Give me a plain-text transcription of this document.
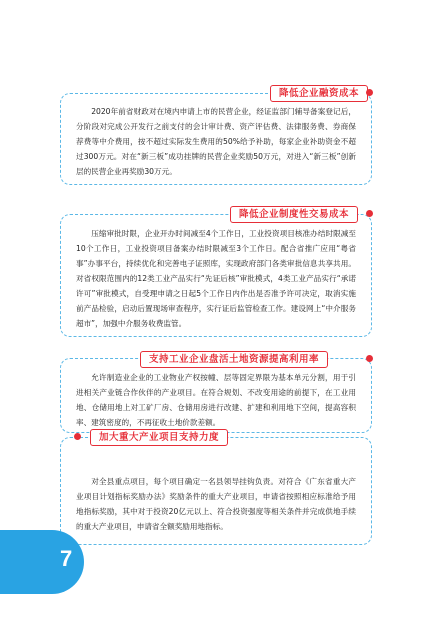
降低企业融资成本

2020年前省财政对在境内申请上市的民营企业，经证监部门辅导备案登记后，分阶段对完成公开发行之前支付的会计审计费、资产评估费、法律服务费、券商保荐费等中介费用，按不超过实际发生费用的50%给予补助，每家企业补助资金不超过300万元。对在“新三板”成功挂牌的民营企业奖励50万元，对进入“新三板”创新层的民营企业再奖励30万元。

降低企业制度性交易成本

压缩审批时限，企业开办时间减至4个工作日，工业投资项目核准办结时限减至10个工作日，工业投资项目备案办结时限减至3个工作日。配合省推广应用“粤省事”办事平台，持续优化和完善电子证照库，实现政府部门各类审批信息共享共用。对省权限范围内的12类工业产品实行“先证后核”审批模式，4类工业产品实行“承诺许可”审批模式，自受理申请之日起5个工作日内作出是否准予许可决定，取消实施前产品检验，启动后置现场审查程序，实行证后监管检查工作。建设网上“中介服务超市”，加强中介服务收费监管。

支持工业企业盘活土地资源提高利用率

允许制造业企业的工业物业产权按幢、层等固定界限为基本单元分割，用于引进相关产业链合作伙伴的产业项目。在符合规划、不改变用途的前提下，在工业用地、仓储用地上对工矿厂房、仓储用房进行改建、扩建和利用地下空间，提高容积率、建筑密度的，不再征收土地价款差额。

加大重大产业项目支持力度

对全县重点项目，每个项目确定一名县领导挂钩负责。对符合《广东省重大产业项目计划指标奖励办法》奖励条件的重大产业项目，申请省按照相应标准给予用地指标奖励，其中对于投资20亿元以上、符合投资强度等相关条件并完成供地手续的重大产业项目，申请省全额奖励用地指标。

7
